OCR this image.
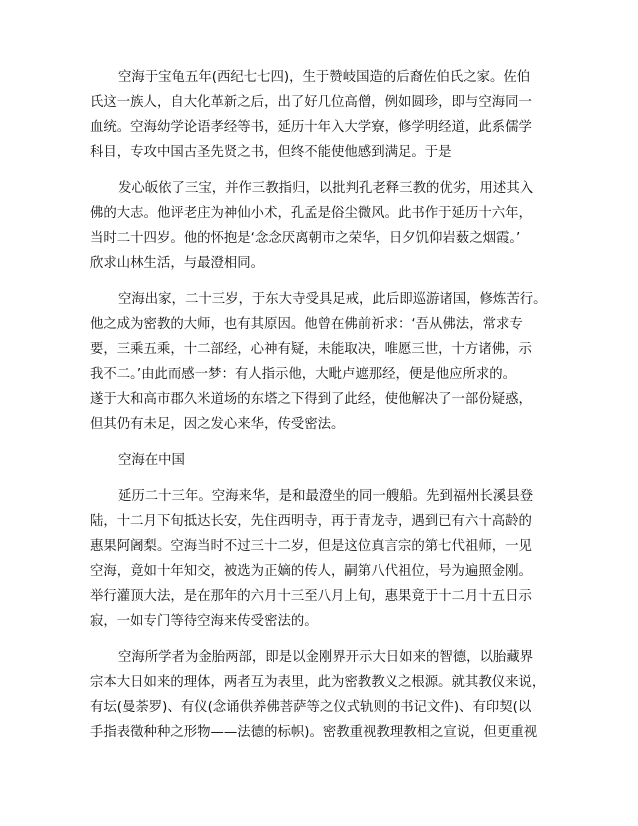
空海于宝龟五年(西纪七七四)，生于赞岐国造的后裔佐伯氏之家。佐伯
氏这一族人，自大化革新之后，出了好几位高僧，例如圆珍，即与空海同一
血统。空海幼学论语孝经等书，延历十年入大学寮，修学明经道，此系儒学
科目，专攻中国古圣先贤之书，但终不能使他感到满足。于是
发心皈依了三宝，并作三教指归，以批判孔老释三教的优劣，用述其入
佛的大志。他评老庄为神仙小术，孔孟是俗尘微风。此书作于延历十六年，
当时二十四岁。他的怀抱是‘念念厌离朝市之荣华，日夕饥仰岩薮之烟霞。’
欣求山林生活，与最澄相同。
空海出家，二十三岁，于东大寺受具足戒，此后即巡游诸国，修炼苦行。
他之成为密教的大师，也有其原因。他曾在佛前祈求：‘吾从佛法，常求专
要，三乘五乘，十二部经，心神有疑，未能取决，唯愿三世，十方诸佛，示
我不二。’由此而感一梦：有人指示他，大毗卢遮那经，便是他应所求的。
遂于大和高市郡久米道场的东塔之下得到了此经，使他解决了一部份疑惑，
但其仍有未足，因之发心来华，传受密法。
空海在中国
延历二十三年。空海来华，是和最澄坐的同一艘船。先到福州长溪县登
陆，十二月下旬抵达长安，先住西明寺，再于青龙寺，遇到已有六十高龄的
惠果阿阇梨。空海当时不过三十二岁，但是这位真言宗的第七代祖师，一见
空海，竟如十年知交，被选为正嫡的传人，嗣第八代祖位，号为遍照金刚。
举行灌顶大法，是在那年的六月十三至八月上旬，惠果竟于十二月十五日示
寂，一如专门等待空海来传受密法的。
空海所学者为金胎两部，即是以金刚界开示大日如来的智德，以胎藏界
宗本大日如来的理体，两者互为表里，此为密教教义之根源。就其教仪来说，
有坛(曼荼罗)、有仪(念诵供养佛菩萨等之仪式轨则的书记文件)、有印契(以
手指表徵种种之形物——法德的标帜)。密教重视教理教相之宣说，但更重视
